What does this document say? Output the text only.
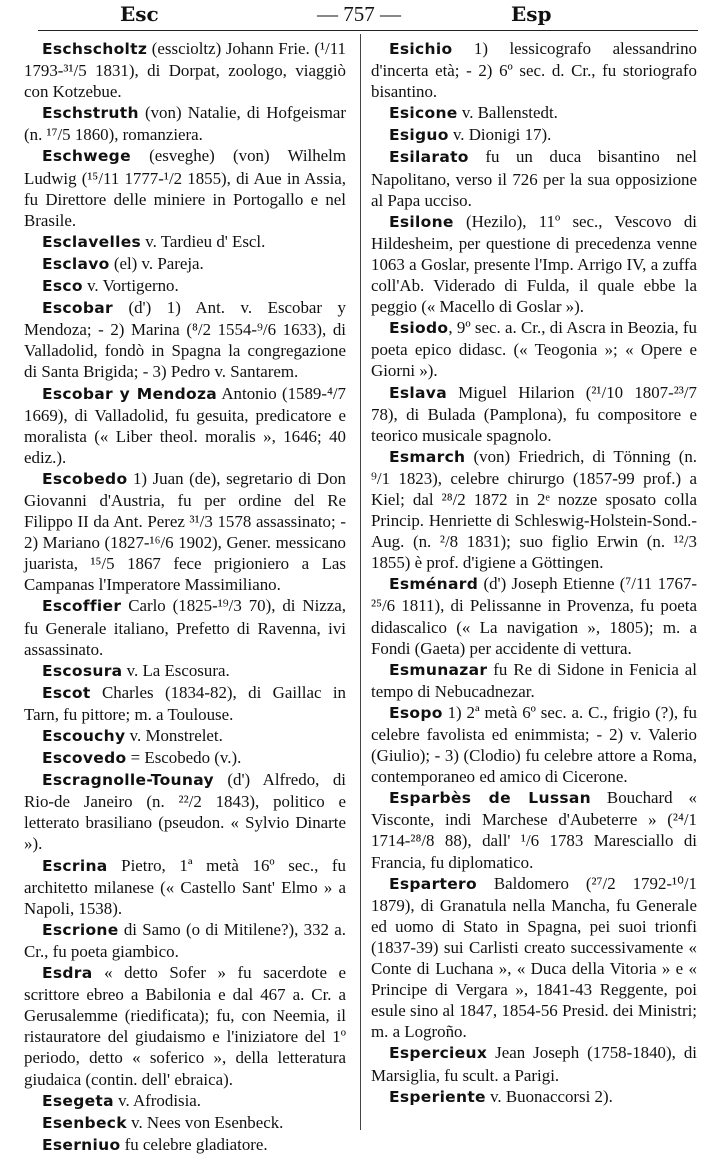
Esc	— 757 —	Esp

Eschscholtz (esscioltz) Johann Frie. (¹/11 1793-³¹/5 1831), di Dorpat, zoologo, viaggiò con Kotzebue.

Eschstruth (von) Natalie, di Hofgeismar (n. ¹⁷/5 1860), romanziera.

Eschwege (esveghe) (von) Wilhelm Ludwig (¹⁵/11 1777-¹/2 1855), di Aue in Assia, fu Direttore delle miniere in Portogallo e nel Brasile.

Esclavelles v. Tardieu d' Escl.

Esclavo (el) v. Pareja.

Esco v. Vortigerno.

Escobar (d') 1) Ant. v. Escobar y Mendoza; - 2) Marina (⁸/2 1554-⁹/6 1633), di Valladolid, fondò in Spagna la congregazione di Santa Brigida; - 3) Pedro v. Santarem.

Escobar y Mendoza Antonio (1589-⁴/7 1669), di Valladolid, fu gesuita, predicatore e moralista (« Liber theol. moralis », 1646; 40 ediz.).

Escobedo 1) Juan (de), segretario di Don Giovanni d'Austria, fu per ordine del Re Filippo II da Ant. Perez ³¹/3 1578 assassinato; - 2) Mariano (1827-¹⁶/6 1902), Gener. messicano juarista, ¹⁵/5 1867 fece prigioniero a Las Campanas l'Imperatore Massimiliano.

Escoffier Carlo (1825-¹⁹/3 70), di Nizza, fu Generale italiano, Prefetto di Ravenna, ivi assassinato.

Escosura v. La Escosura.

Escot Charles (1834-82), di Gaillac in Tarn, fu pittore; m. a Toulouse.

Escouchy v. Monstrelet.

Escovedo = Escobedo (v.).

Escragnolle-Tounay (d') Alfredo, di Rio-de Janeiro (n. ²²/2 1843), politico e letterato brasiliano (pseudon. « Sylvio Dinarte »).

Escrina Pietro, 1ª metà 16º sec., fu architetto milanese (« Castello Sant' Elmo » a Napoli, 1538).

Escrione di Samo (o di Mitilene?), 332 a. Cr., fu poeta giambico.

Esdra « detto Sofer » fu sacerdote e scrittore ebreo a Babilonia e dal 467 a. Cr. a Gerusalemme (riedificata); fu, con Neemia, il ristauratore del giudaismo e l'iniziatore del 1º periodo, detto « soferico », della letteratura giudaica (contin. dell' ebraica).

Esegeta v. Afrodisia.

Esenbeck v. Nees von Esenbeck.

Eserniuo fu celebre gladiatore.

Esichio 1) lessicografo alessandrino d'incerta età; - 2) 6º sec. d. Cr., fu storiografo bisantino.

Esicone v. Ballenstedt.

Esiguo v. Dionigi 17).

Esilarato fu un duca bisantino nel Napolitano, verso il 726 per la sua opposizione al Papa ucciso.

Esilone (Hezilo), 11º sec., Vescovo di Hildesheim, per questione di precedenza venne 1063 a Goslar, presente l'Imp. Arrigo IV, a zuffa coll'Ab. Viderado di Fulda, il quale ebbe la peggio (« Macello di Goslar »).

Esiodo, 9º sec. a. Cr., di Ascra in Beozia, fu poeta epico didasc. (« Teogonia »; « Opere e Giorni »).

Eslava Miguel Hilarion (²¹/10 1807-²³/7 78), di Bulada (Pamplona), fu compositore e teorico musicale spagnolo.

Esmarch (von) Friedrich, di Tönning (n. ⁹/1 1823), celebre chirurgo (1857-99 prof.) a Kiel; dal ²⁸/2 1872 in 2ᵉ nozze sposato colla Princip. Henriette di Schleswig-Holstein-Sond.-Aug. (n. ²/8 1831); suo figlio Erwin (n. ¹²/3 1855) è prof. d'igiene a Göttingen.

Esménard (d') Joseph Etienne (⁷/11 1767-²⁵/6 1811), di Pelissanne in Provenza, fu poeta didascalico (« La navigation », 1805); m. a Fondi (Gaeta) per accidente di vettura.

Esmunazar fu Re di Sidone in Fenicia al tempo di Nebucadnezar.

Esopo 1) 2ª metà 6º sec. a. C., frigio (?), fu celebre favolista ed enimmista; - 2) v. Valerio (Giulio); - 3) (Clodio) fu celebre attore a Roma, contemporaneo ed amico di Cicerone.

Esparbès de Lussan Bouchard « Visconte, indi Marchese d'Aubeterre » (²⁴/1 1714-²⁸/8 88), dall' ¹/6 1783 Maresciallo di Francia, fu diplomatico.

Espartero Baldomero (²⁷/2 1792-¹⁰/1 1879), di Granatula nella Mancha, fu Generale ed uomo di Stato in Spagna, pei suoi trionfi (1837-39) sui Carlisti creato successivamente « Conte di Luchana », « Duca della Vitoria » e « Principe di Vergara », 1841-43 Reggente, poi esule sino al 1847, 1854-56 Presid. dei Ministri; m. a Logroño.

Espercieux Jean Joseph (1758-1840), di Marsiglia, fu scult. a Parigi.

Esperiente v. Buonaccorsi 2).
